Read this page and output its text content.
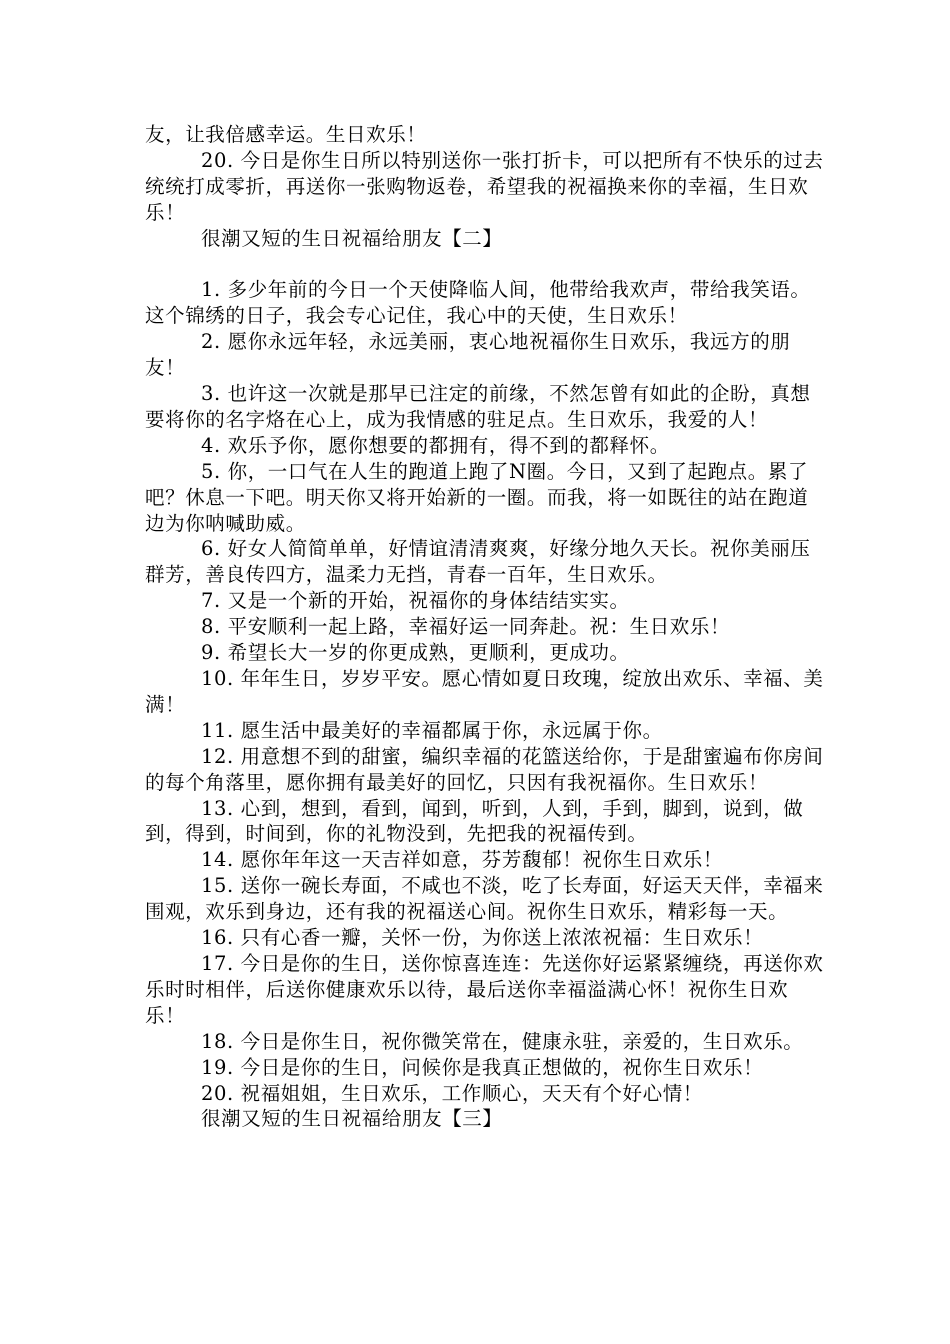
友，让我倍感幸运。生日欢乐！

20. 今日是你生日所以特别送你一张打折卡，可以把所有不快乐的过去统统打成零折，再送你一张购物返卷，希望我的祝福换来你的幸福，生日欢乐！

很潮又短的生日祝福给朋友【二】

1. 多少年前的今日一个天使降临人间，他带给我欢声，带给我笑语。这个锦绣的日子，我会专心记住，我心中的天使，生日欢乐！

2. 愿你永远年轻，永远美丽，衷心地祝福你生日欢乐，我远方的朋友！

3. 也许这一次就是那早已注定的前缘，不然怎曾有如此的企盼，真想要将你的名字烙在心上，成为我情感的驻足点。生日欢乐，我爱的人！

4. 欢乐予你，愿你想要的都拥有，得不到的都释怀。

5. 你，一口气在人生的跑道上跑了N圈。今日，又到了起跑点。累了吧？休息一下吧。明天你又将开始新的一圈。而我，将一如既往的站在跑道边为你呐喊助威。

6. 好女人简简单单，好情谊清清爽爽，好缘分地久天长。祝你美丽压群芳，善良传四方，温柔力无挡，青春一百年，生日欢乐。

7. 又是一个新的开始，祝福你的身体结结实实。

8. 平安顺利一起上路，幸福好运一同奔赴。祝：生日欢乐！

9. 希望长大一岁的你更成熟，更顺利，更成功。

10. 年年生日，岁岁平安。愿心情如夏日玫瑰，绽放出欢乐、幸福、美满！

11. 愿生活中最美好的幸福都属于你，永远属于你。

12. 用意想不到的甜蜜，编织幸福的花篮送给你，于是甜蜜遍布你房间的每个角落里，愿你拥有最美好的回忆，只因有我祝福你。生日欢乐！

13. 心到，想到，看到，闻到，听到，人到，手到，脚到，说到，做到，得到，时间到，你的礼物没到，先把我的祝福传到。

14. 愿你年年这一天吉祥如意，芬芳馥郁！祝你生日欢乐！

15. 送你一碗长寿面，不咸也不淡，吃了长寿面，好运天天伴，幸福来围观，欢乐到身边，还有我的祝福送心间。祝你生日欢乐，精彩每一天。

16. 只有心香一瓣，关怀一份，为你送上浓浓祝福：生日欢乐！

17. 今日是你的生日，送你惊喜连连：先送你好运紧紧缠绕，再送你欢乐时时相伴，后送你健康欢乐以待，最后送你幸福溢满心怀！祝你生日欢乐！

18. 今日是你生日，祝你微笑常在，健康永驻，亲爱的，生日欢乐。

19. 今日是你的生日，问候你是我真正想做的，祝你生日欢乐！

20. 祝福姐姐，生日欢乐，工作顺心，天天有个好心情！

很潮又短的生日祝福给朋友【三】
